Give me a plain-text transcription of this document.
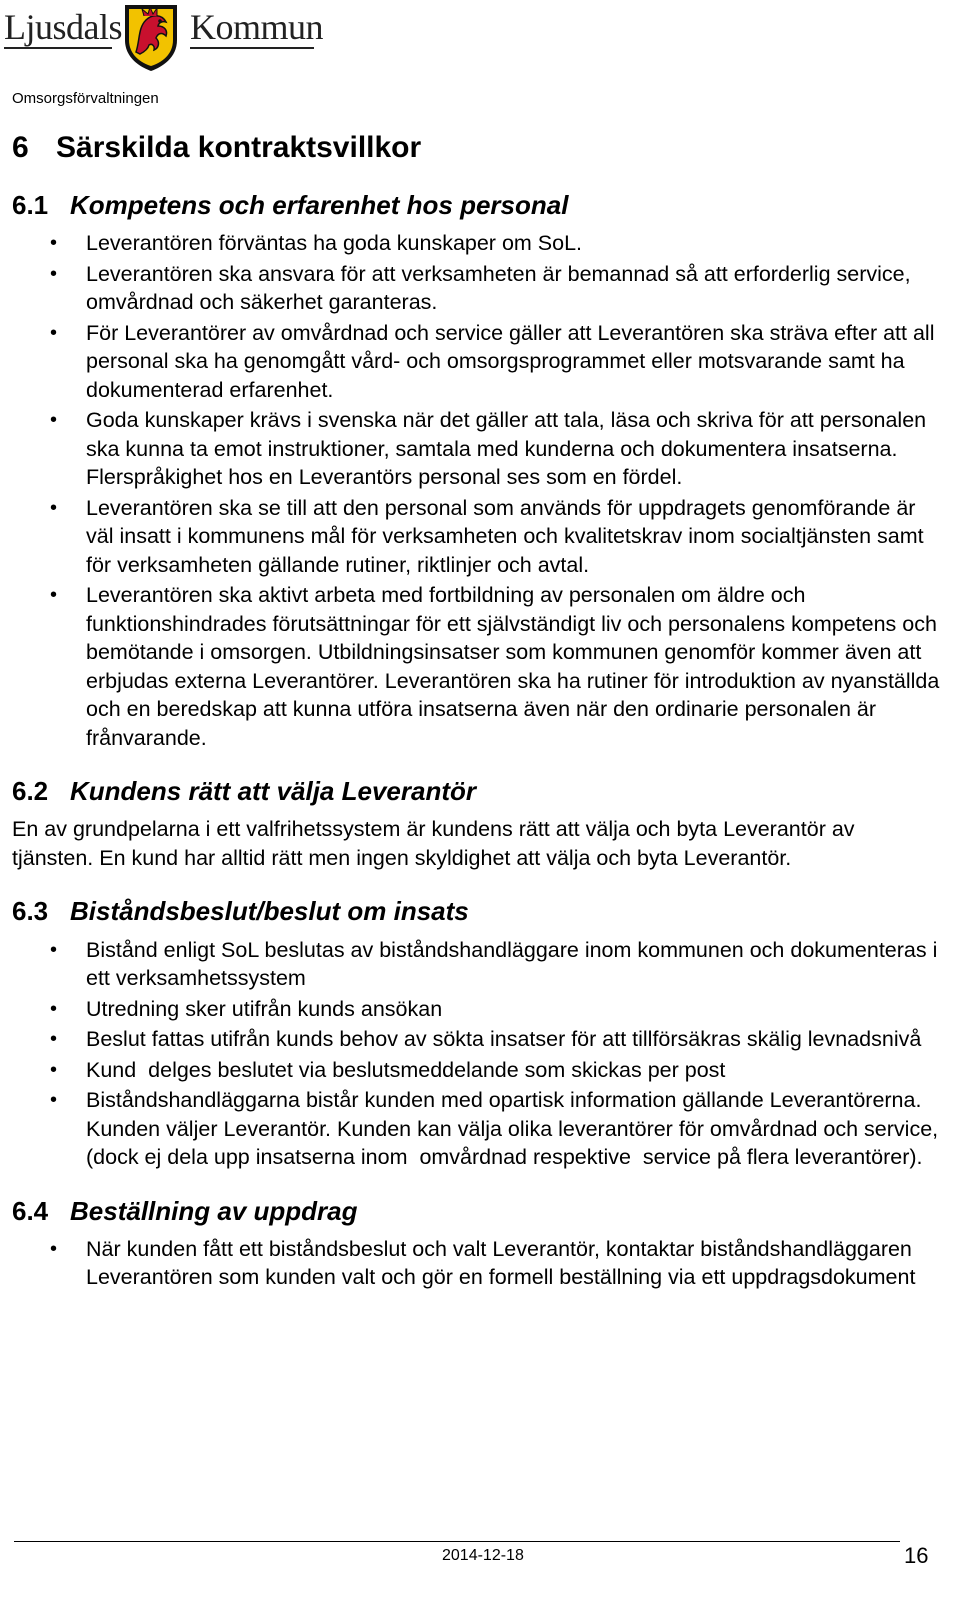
Ljusdals Kommun
Omsorgsförvaltningen
6 Särskilda kontraktsvillkor
6.1 Kompetens och erfarenhet hos personal
• Leverantören förväntas ha goda kunskaper om SoL.
• Leverantören ska ansvara för att verksamheten är bemannad så att erforderlig service, omvårdnad och säkerhet garanteras.
• För Leverantörer av omvårdnad och service gäller att Leverantören ska sträva efter att all personal ska ha genomgått vård- och omsorgsprogrammet eller motsvarande samt ha dokumenterad erfarenhet.
• Goda kunskaper krävs i svenska när det gäller att tala, läsa och skriva för att personalen ska kunna ta emot instruktioner, samtala med kunderna och dokumentera insatserna. Flerspråkighet hos en Leverantörs personal ses som en fördel.
• Leverantören ska se till att den personal som används för uppdragets genomförande är väl insatt i kommunens mål för verksamheten och kvalitetskrav inom socialtjänsten samt för verksamheten gällande rutiner, riktlinjer och avtal.
• Leverantören ska aktivt arbeta med fortbildning av personalen om äldre och funktionshindrades förutsättningar för ett självständigt liv och personalens kompetens och bemötande i omsorgen. Utbildningsinsatser som kommunen genomför kommer även att erbjudas externa Leverantörer. Leverantören ska ha rutiner för introduktion av nyanställda och en beredskap att kunna utföra insatserna även när den ordinarie personalen är frånvarande.
6.2 Kundens rätt att välja Leverantör

En av grundpelarna i ett valfrihetssystem är kundens rätt att välja och byta Leverantör av tjänsten. En kund har alltid rätt men ingen skyldighet att välja och byta Leverantör.

6.3 Biståndsbeslut/beslut om insats
• Bistånd enligt SoL beslutas av biståndshandläggare inom kommunen och dokumenteras i ett verksamhetssystem
• Utredning sker utifrån kunds ansökan
• Beslut fattas utifrån kunds behov av sökta insatser för att tillförsäkras skälig levnadsnivå
• Kund  delges beslutet via beslutsmeddelande som skickas per post
• Biståndshandläggarna bistår kunden med opartisk information gällande Leverantörerna. Kunden väljer Leverantör. Kunden kan välja olika leverantörer för omvårdnad och service, (dock ej dela upp insatserna inom  omvårdnad respektive  service på flera leverantörer).
6.4 Beställning av uppdrag
• När kunden fått ett biståndsbeslut och valt Leverantör, kontaktar biståndshandläggaren Leverantören som kunden valt och gör en formell beställning via ett uppdragsdokument
2014-12-18	16
